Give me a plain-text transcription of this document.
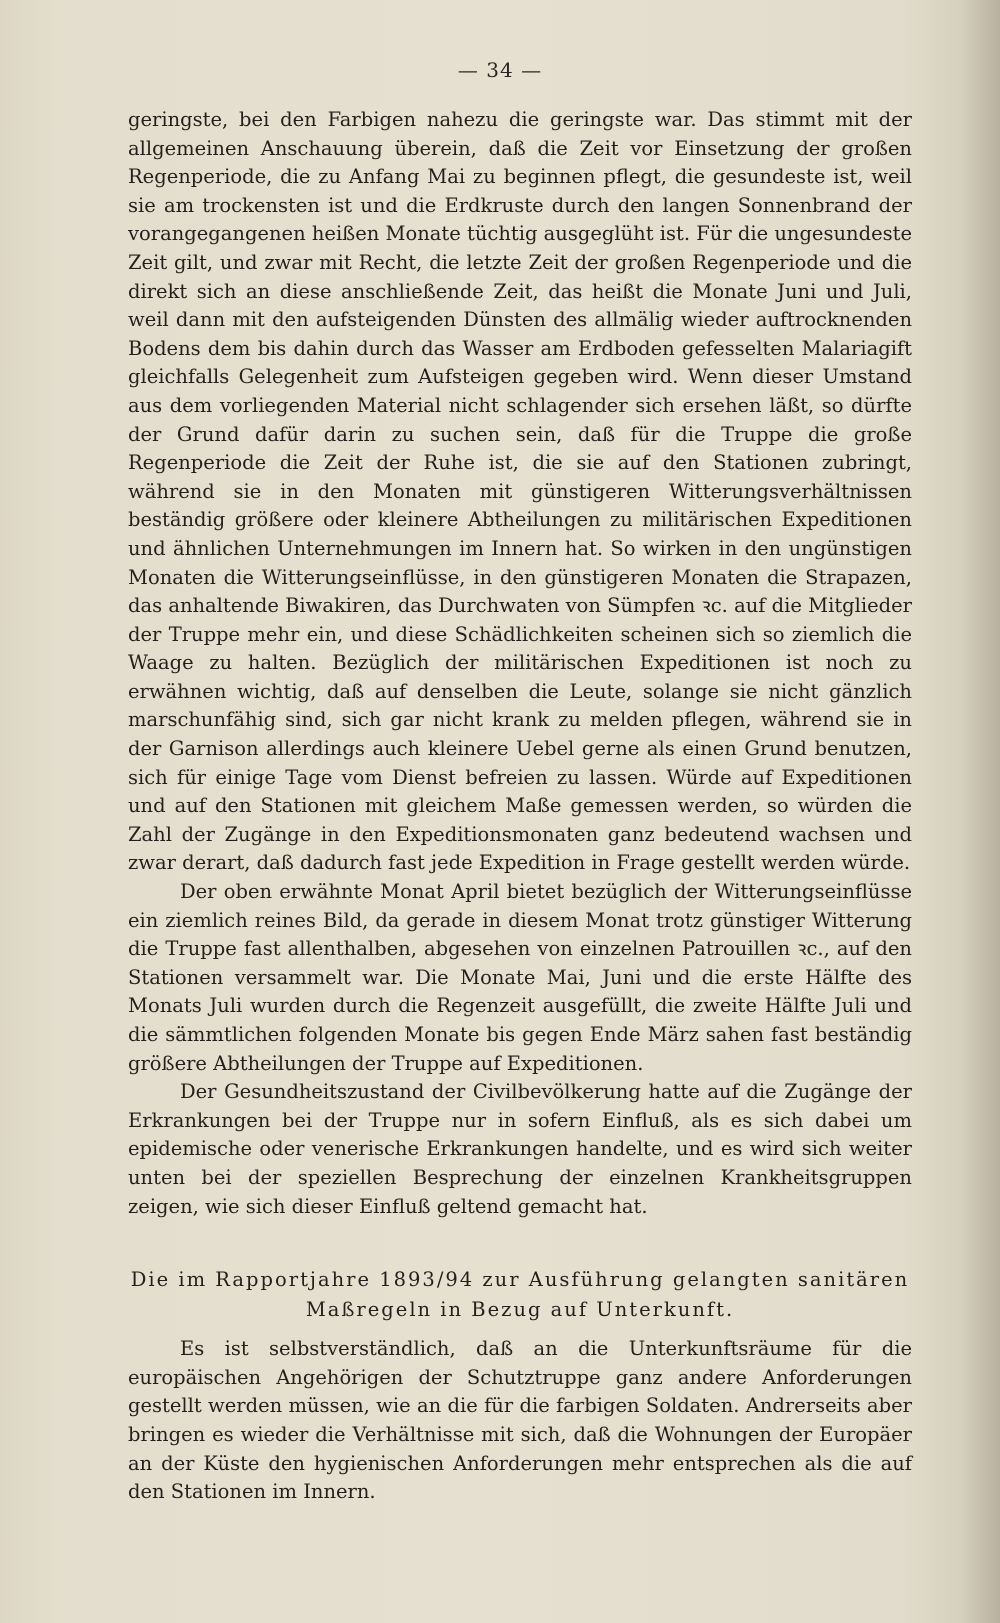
— 34 —

geringste, bei den Farbigen nahezu die geringste war. Das stimmt mit der allgemeinen Anschauung überein, daß die Zeit vor Einsetzung der großen Regenperiode, die zu Anfang Mai zu beginnen pflegt, die gesundeste ist, weil sie am trockensten ist und die Erdkruste durch den langen Sonnenbrand der vorangegangenen heißen Monate tüchtig ausgeglüht ist. Für die ungesundeste Zeit gilt, und zwar mit Recht, die letzte Zeit der großen Regenperiode und die direkt sich an diese anschließende Zeit, das heißt die Monate Juni und Juli, weil dann mit den aufsteigenden Dünsten des allmälig wieder auftrocknenden Bodens dem bis dahin durch das Wasser am Erdboden gefesselten Malariagift gleichfalls Gelegenheit zum Aufsteigen gegeben wird. Wenn dieser Umstand aus dem vorliegenden Material nicht schlagender sich ersehen läßt, so dürfte der Grund dafür darin zu suchen sein, daß für die Truppe die große Regenperiode die Zeit der Ruhe ist, die sie auf den Stationen zubringt, während sie in den Monaten mit günstigeren Witterungsverhältnissen beständig größere oder kleinere Abtheilungen zu militärischen Expeditionen und ähnlichen Unternehmungen im Innern hat. So wirken in den ungünstigen Monaten die Witterungseinflüsse, in den günstigeren Monaten die Strapazen, das anhaltende Biwakiren, das Durchwaten von Sümpfen ꝛc. auf die Mitglieder der Truppe mehr ein, und diese Schädlichkeiten scheinen sich so ziemlich die Waage zu halten. Bezüglich der militärischen Expeditionen ist noch zu erwähnen wichtig, daß auf denselben die Leute, solange sie nicht gänzlich marschunfähig sind, sich gar nicht krank zu melden pflegen, während sie in der Garnison allerdings auch kleinere Uebel gerne als einen Grund benutzen, sich für einige Tage vom Dienst befreien zu lassen. Würde auf Expeditionen und auf den Stationen mit gleichem Maße gemessen werden, so würden die Zahl der Zugänge in den Expeditionsmonaten ganz bedeutend wachsen und zwar derart, daß dadurch fast jede Expedition in Frage gestellt werden würde.

Der oben erwähnte Monat April bietet bezüglich der Witterungseinflüsse ein ziemlich reines Bild, da gerade in diesem Monat trotz günstiger Witterung die Truppe fast allenthalben, abgesehen von einzelnen Patrouillen ꝛc., auf den Stationen versammelt war. Die Monate Mai, Juni und die erste Hälfte des Monats Juli wurden durch die Regenzeit ausgefüllt, die zweite Hälfte Juli und die sämmtlichen folgenden Monate bis gegen Ende März sahen fast beständig größere Abtheilungen der Truppe auf Expeditionen.

Der Gesundheitszustand der Civilbevölkerung hatte auf die Zugänge der Erkrankungen bei der Truppe nur in sofern Einfluß, als es sich dabei um epidemische oder venerische Erkrankungen handelte, und es wird sich weiter unten bei der speziellen Besprechung der einzelnen Krankheitsgruppen zeigen, wie sich dieser Einfluß geltend gemacht hat.

Die im Rapportjahre 1893/94 zur Ausführung gelangten sanitären
Maßregeln in Bezug auf Unterkunft.

Es ist selbstverständlich, daß an die Unterkunftsräume für die europäischen Angehörigen der Schutztruppe ganz andere Anforderungen gestellt werden müssen, wie an die für die farbigen Soldaten. Andrerseits aber bringen es wieder die Verhältnisse mit sich, daß die Wohnungen der Europäer an der Küste den hygienischen Anforderungen mehr entsprechen als die auf den Stationen im Innern.
